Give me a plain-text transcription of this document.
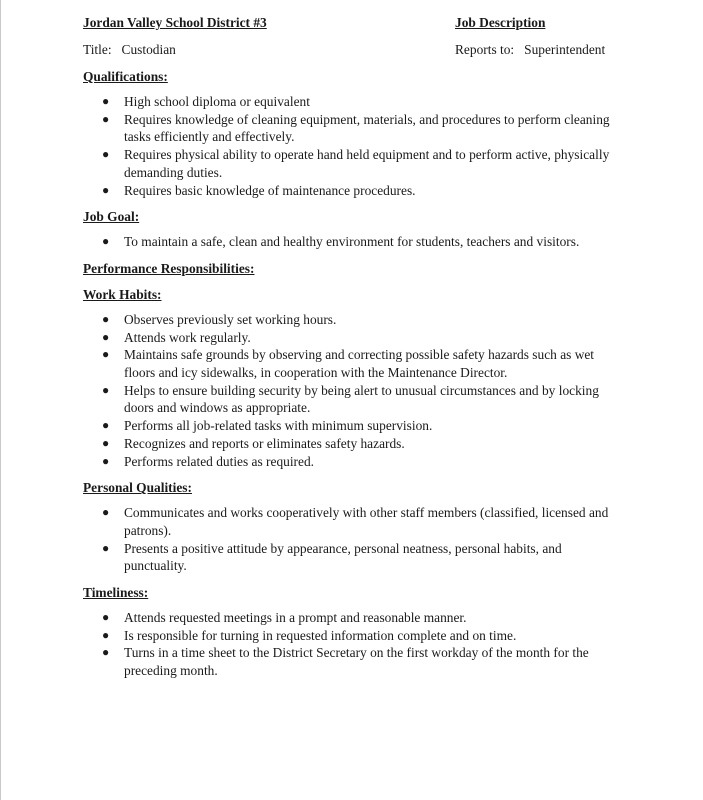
Jordan Valley School District #3	Job Description
Title: Custodian	Reports to: Superintendent
Qualifications:
● High school diploma or equivalent
● Requires knowledge of cleaning equipment, materials, and procedures to perform cleaning tasks efficiently and effectively.
● Requires physical ability to operate hand held equipment and to perform active, physically demanding duties.
● Requires basic knowledge of maintenance procedures.
Job Goal:
● To maintain a safe, clean and healthy environment for students, teachers and visitors.
Performance Responsibilities:
Work Habits:
● Observes previously set working hours.
● Attends work regularly.
● Maintains safe grounds by observing and correcting possible safety hazards such as wet floors and icy sidewalks, in cooperation with the Maintenance Director.
● Helps to ensure building security by being alert to unusual circumstances and by locking doors and windows as appropriate.
● Performs all job-related tasks with minimum supervision.
● Recognizes and reports or eliminates safety hazards.
● Performs related duties as required.
Personal Qualities:
● Communicates and works cooperatively with other staff members (classified, licensed and patrons).
● Presents a positive attitude by appearance, personal neatness, personal habits, and punctuality.
Timeliness:
● Attends requested meetings in a prompt and reasonable manner.
● Is responsible for turning in requested information complete and on time.
● Turns in a time sheet to the District Secretary on the first workday of the month for the preceding month.
